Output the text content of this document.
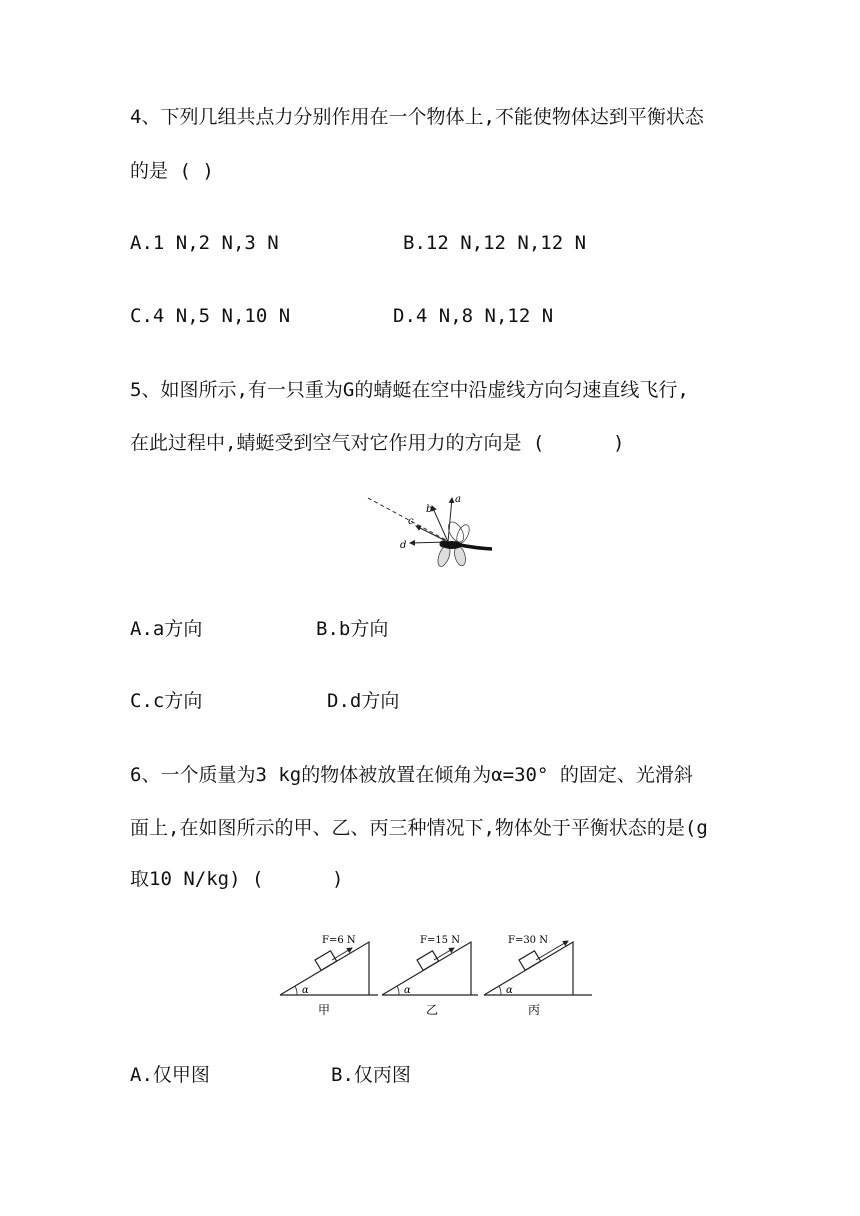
4、下列几组共点力分别作用在一个物体上,不能使物体达到平衡状态
的是 ( )
A.1 N,2 N,3 N	B.12 N,12 N,12 N
C.4 N,5 N,10 N	D.4 N,8 N,12 N
5、如图所示,有一只重为G的蜻蜓在空中沿虚线方向匀速直线飞行,
在此过程中,蜻蜓受到空气对它作用力的方向是 (      )
a
b
c
d
A.a方向	B.b方向
C.c方向	D.d方向
6、一个质量为3 kg的物体被放置在倾角为α=30° 的固定、光滑斜
面上,在如图所示的甲、乙、丙三种情况下,物体处于平衡状态的是(g
取10 N/kg) (      )
F=6 N
α
甲
F=15 N
α
乙
F=30 N
α
丙
A.仅甲图	B.仅丙图
